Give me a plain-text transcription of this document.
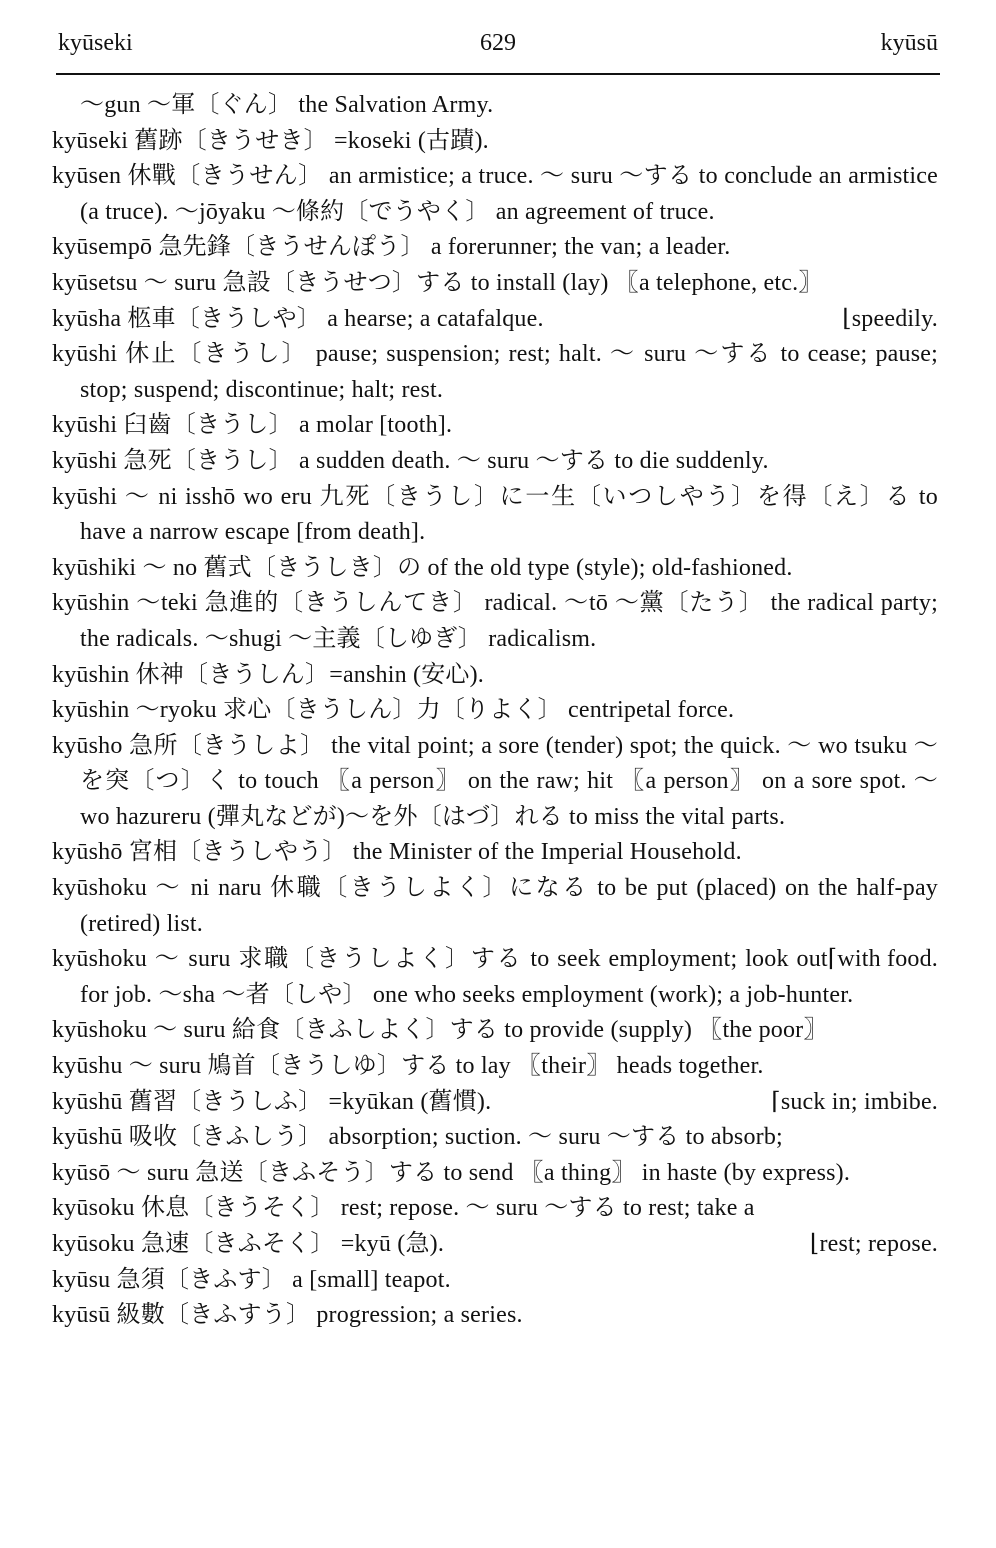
kyūseki	629	kyūsū
～gun ～軍〔ぐん〕 the Salvation Army.
kyūseki 舊跡〔きうせき〕 =koseki (古蹟).
kyūsen 休戰〔きうせん〕 an armistice; a truce. ～ suru ～する to conclude an armistice (a truce). ～jōyaku ～條約〔でうやく〕 an agreement of truce.
kyūsempō 急先鋒〔きうせんぽう〕 a forerunner; the van; a leader.
kyūsetsu ～ suru 急設〔きうせつ〕する to install (lay) 〖a telephone, etc.〗
⌊speedily.
kyūsha 柩車〔きうしや〕 a hearse; a catafalque.
kyūshi 休止〔きうし〕 pause; suspension; rest; halt. ～ suru ～する to cease; pause; stop; suspend; discontinue; halt; rest.
kyūshi 臼齒〔きうし〕 a molar [tooth].
kyūshi 急死〔きうし〕 a sudden death. ～ suru ～する to die suddenly.
kyūshi ～ ni isshō wo eru 九死〔きうし〕に一生〔いつしやう〕を得〔え〕る to have a narrow escape [from death].
kyūshiki ～ no 舊式〔きうしき〕の of the old type (style); old-fashioned.
kyūshin ～teki 急進的〔きうしんてき〕 radical. ～tō ～黨〔たう〕 the radical party; the radicals. ～shugi ～主義〔しゆぎ〕 radicalism.
kyūshin 休神〔きうしん〕=anshin (安心).
kyūshin ～ryoku 求心〔きうしん〕力〔りよく〕 centripetal force.
kyūsho 急所〔きうしよ〕 the vital point; a sore (tender) spot; the quick. ～ wo tsuku ～を突〔つ〕く to touch 〖a person〗 on the raw; hit 〖a person〗 on a sore spot. ～ wo hazureru (彈丸などが)～を外〔はづ〕れる to miss the vital parts.
kyūshō 宮相〔きうしやう〕 the Minister of the Imperial Household.
kyūshoku ～ ni naru 休職〔きうしよく〕になる to be put (placed) on the half-pay (retired) list.
⌈with food.
kyūshoku ～ suru 求職〔きうしよく〕する to seek employment; look out for job. ～sha ～者〔しや〕 one who seeks employment (work); a job-hunter.
kyūshoku ～ suru 給食〔きふしよく〕する to provide (supply) 〖the poor〗
kyūshu ～ suru 鳩首〔きうしゆ〕する to lay 〖their〗 heads together.
⌈suck in; imbibe.
kyūshū 舊習〔きうしふ〕 =kyūkan (舊慣).
kyūshū 吸收〔きふしう〕 absorption; suction. ～ suru ～する to absorb;
kyūsō ～ suru 急送〔きふそう〕する to send 〖a thing〗 in haste (by express).
kyūsoku 休息〔きうそく〕 rest; repose. ～ suru ～する to rest; take a
⌊rest; repose.
kyūsoku 急速〔きふそく〕 =kyū (急).
kyūsu 急須〔きふす〕 a [small] teapot.
kyūsū 級數〔きふすう〕 progression; a series.
